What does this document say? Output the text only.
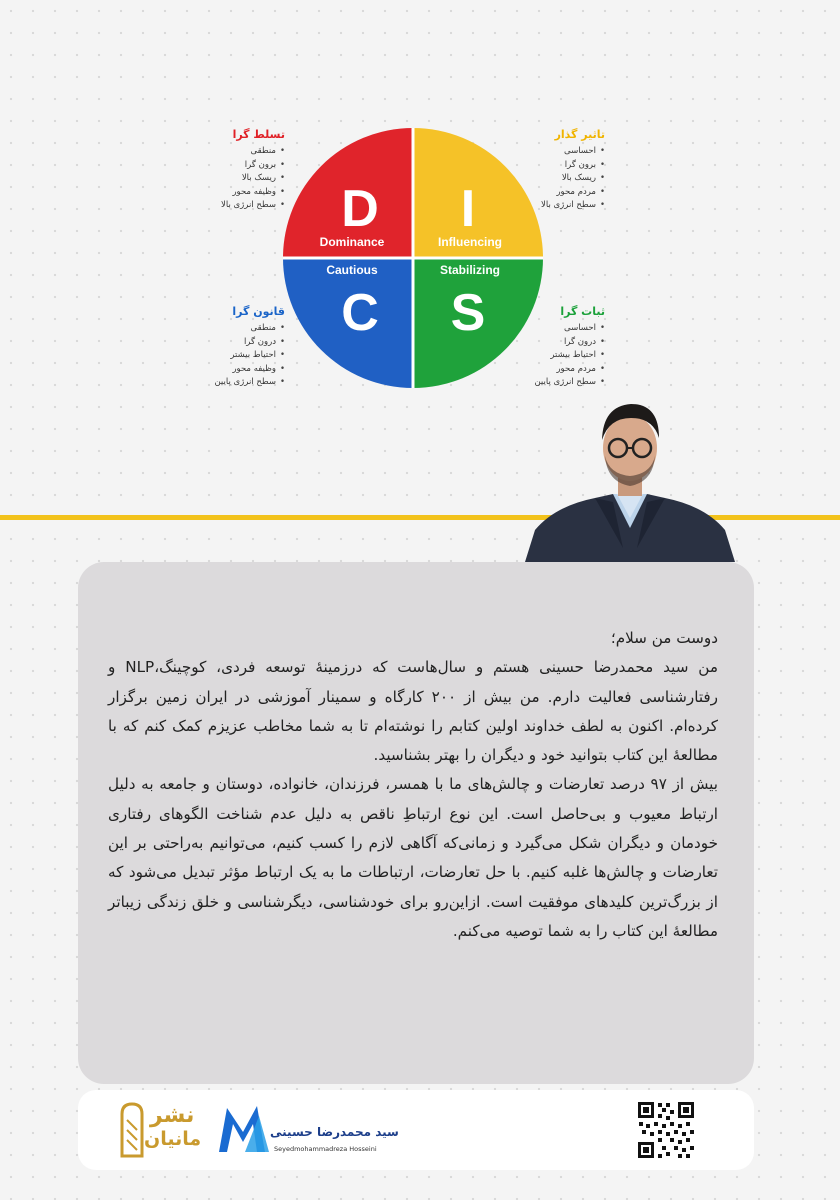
D I
C S
Dominance	Influencing
Cautious	Stabilizing
تسلط گرا
• منطقی
• برون گرا
• ریسک بالا
• وظیفه محور
• سطح انرژی بالا
تاثیر گذار
• احساسی
• برون گرا
• ریسک بالا
• مردم محور
• سطح انرژی بالا
قانون گرا
• منطقی
• درون گرا
• احتیاط بیشتر
• وظیفه محور
• سطح انرژی پایین
ثبات گرا
• احساسی
• درون گرا
• احتیاط بیشتر
• مردم محور
• سطح انرژی پایین

دوست من سلام؛

من سید محمدرضا حسینی هستم و سال‌هاست که درزمینهٔ توسعه فردی، کوچینگ،NLP و رفتارشناسی فعالیت دارم. من بیش از ۲۰۰ کارگاه و سمینار آموزشی در ایران زمین برگزار کرده‌ام. اکنون به لطف خداوند اولین کتابم را نوشته‌ام تا به شما مخاطب عزیزم کمک کنم که با مطالعهٔ این کتاب بتوانید خود و دیگران را بهتر بشناسید.

بیش از ۹۷ درصد تعارضات و چالش‌های ما با همسر، فرزندان، خانواده، دوستان و جامعه به دلیل ارتباط معیوب و بی‌حاصل است. این نوع ارتباطِ ناقص به دلیل عدم شناخت الگوهای رفتاری خودمان و دیگران شکل می‌گیرد و زمانی‌که آگاهی لازم را کسب کنیم، می‌توانیم به‌راحتی بر این تعارضات و چالش‌ها غلبه کنیم. با حل تعارضات، ارتباطات ما به یک ارتباط مؤثر تبدیل می‌شود که از بزرگ‌ترین کلیدهای موفقیت است. ازاین‌رو برای خودشناسی، دیگرشناسی و خلق زندگی زیباتر مطالعهٔ این کتاب را به شما توصیه می‌کنم.

سید محمدرضا حسینی
Seyedmohammadreza Hosseini
نشر
مانیان
